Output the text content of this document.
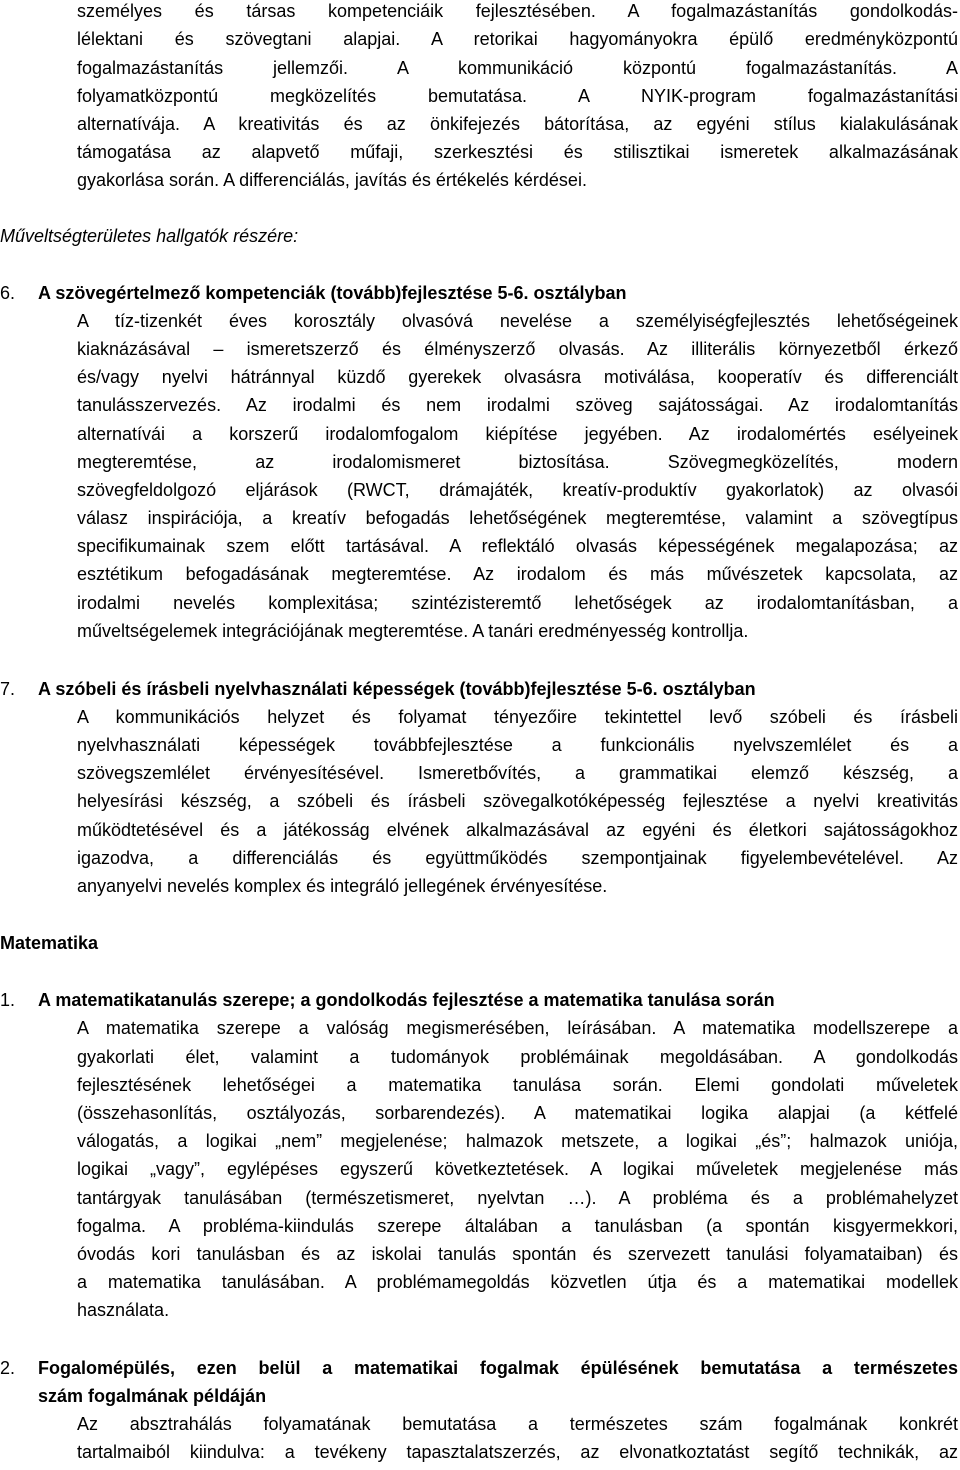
személyes és társas kompetenciáik fejlesztésében. A fogalmazástanítás gondolkodás-
lélektani és szövegtani alapjai. A retorikai hagyományokra épülő eredményközpontú
fogalmazástanítás jellemzői. A kommunikáció központú fogalmazástanítás. A
folyamatközpontú megközelítés bemutatása. A NYIK-program fogalmazástanítási
alternatívája. A kreativitás és az önkifejezés bátorítása, az egyéni stílus kialakulásának
támogatása az alapvető műfaji, szerkesztési és stilisztikai ismeretek alkalmazásának
gyakorlása során. A differenciálás, javítás és értékelés kérdései.
Műveltségterületes hallgatók részére:
6. A szövegértelmező kompetenciák (tovább)fejlesztése 5-6. osztályban
A tíz-tizenkét éves korosztály olvasóvá nevelése a személyiségfejlesztés lehetőségeinek
kiaknázásával – ismeretszerző és élményszerző olvasás. Az illiterális környezetből érkező
és/vagy nyelvi hátránnyal küzdő gyerekek olvasásra motiválása, kooperatív és differenciált
tanulásszervezés. Az irodalmi és nem irodalmi szöveg sajátosságai. Az irodalomtanítás
alternatívái a korszerű irodalomfogalom kiépítése jegyében. Az irodalomértés esélyeinek
megteremtése, az irodalomismeret biztosítása. Szövegmegközelítés, modern
szövegfeldolgozó eljárások (RWCT, drámajáték, kreatív-produktív gyakorlatok) az olvasói
válasz inspirációja, a kreatív befogadás lehetőségének megteremtése, valamint a szövegtípus
specifikumainak szem előtt tartásával. A reflektáló olvasás képességének megalapozása; az
esztétikum befogadásának megteremtése. Az irodalom és más művészetek kapcsolata, az
irodalmi nevelés komplexitása; szintézisteremtő lehetőségek az irodalomtanításban, a
műveltségelemek integrációjának megteremtése. A tanári eredményesség kontrollja.
7. A szóbeli és írásbeli nyelvhasználati képességek (tovább)fejlesztése 5-6. osztályban
A kommunikációs helyzet és folyamat tényezőire tekintettel levő szóbeli és írásbeli
nyelvhasználati képességek továbbfejlesztése a funkcionális nyelvszemlélet és a
szövegszemlélet érvényesítésével. Ismeretbővítés, a grammatikai elemző készség, a
helyesírási készség, a szóbeli és írásbeli szövegalkotóképesség fejlesztése a nyelvi kreativitás
működtetésével és a játékosság elvének alkalmazásával az egyéni és életkori sajátosságokhoz
igazodva, a differenciálás és együttműködés szempontjainak figyelembevételével. Az
anyanyelvi nevelés komplex és integráló jellegének érvényesítése.
Matematika
1. A matematikatanulás szerepe; a gondolkodás fejlesztése a matematika tanulása során
A matematika szerepe a valóság megismerésében, leírásában. A matematika modellszerepe a
gyakorlati élet, valamint a tudományok problémáinak megoldásában. A gondolkodás
fejlesztésének lehetőségei a matematika tanulása során. Elemi gondolati műveletek
(összehasonlítás, osztályozás, sorbarendezés). A matematikai logika alapjai (a kétfelé
válogatás, a logikai „nem” megjelenése; halmazok metszete, a logikai „és”; halmazok uniója,
logikai „vagy”, egylépéses egyszerű következtetések. A logikai műveletek megjelenése más
tantárgyak tanulásában (természetismeret, nyelvtan …). A probléma és a problémahelyzet
fogalma. A probléma-kiindulás szerepe általában a tanulásban (a spontán kisgyermekkori,
óvodás kori tanulásban és az iskolai tanulás spontán és szervezett tanulási folyamataiban) és
a matematika tanulásában. A problémamegoldás közvetlen útja és a matematikai modellek
használata.
2. Fogalomépülés, ezen belül a matematikai fogalmak épülésének bemutatása a természetes
szám fogalmának példáján
Az absztrahálás folyamatának bemutatása a természetes szám fogalmának konkrét
tartalmaiból kiindulva: a tevékeny tapasztalatszerzés, az elvonatkoztatást segítő technikák, az
